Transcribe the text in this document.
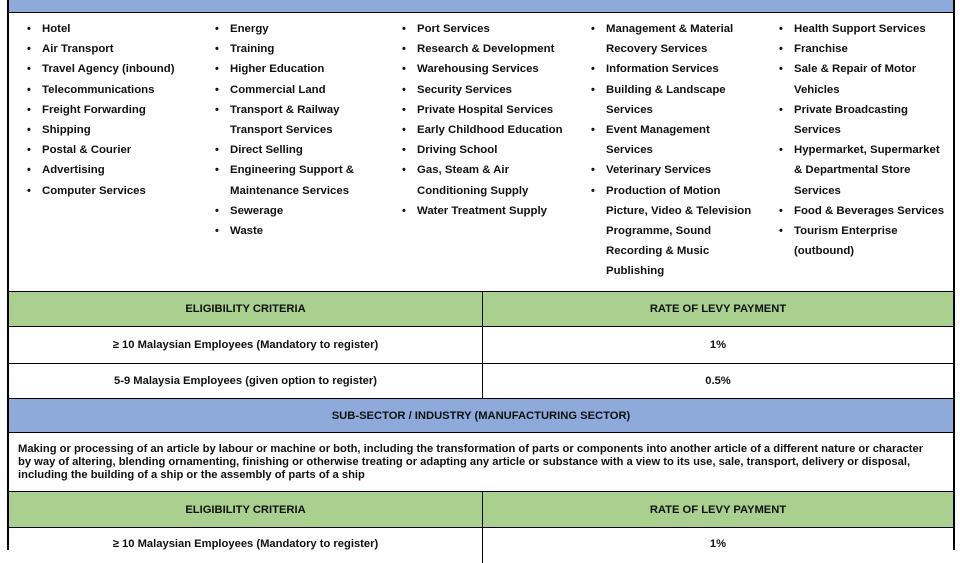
• Hotel
• Air Transport
• Travel Agency (inbound)
• Telecommunications
• Freight Forwarding
• Shipping
• Postal & Courier
• Advertising
• Computer Services
• Energy
• Training
• Higher Education
• Commercial Land
• Transport & Railway
Transport Services
• Direct Selling
• Engineering Support &
Maintenance Services
• Sewerage
• Waste
• Port Services
• Research & Development
• Warehousing Services
• Security Services
• Private Hospital Services
• Early Childhood Education
• Driving School
• Gas, Steam & Air
Conditioning Supply
• Water Treatment Supply
• Management & Material
Recovery Services
• Information Services
• Building & Landscape
Services
• Event Management
Services
• Veterinary Services
• Production of Motion
Picture, Video & Television
Programme, Sound
Recording & Music
Publishing
• Health Support Services
• Franchise
• Sale & Repair of Motor
Vehicles
• Private Broadcasting
Services
• Hypermarket, Supermarket
& Departmental Store
Services
• Food & Beverages Services
• Tourism Enterprise
(outbound)
ELIGIBILITY CRITERIA	RATE OF LEVY PAYMENT
≥ 10 Malaysian Employees (Mandatory to register)	1%
5-9 Malaysia Employees (given option to register)	0.5%
SUB-SECTOR / INDUSTRY (MANUFACTURING SECTOR)
Making or processing of an article by labour or machine or both, including the transformation of parts or components into another article of a different nature or character
by way of altering, blending ornamenting, finishing or otherwise treating or adapting any article or substance with a view to its use, sale, transport, delivery or disposal,
including the building of a ship or the assembly of parts of a ship
ELIGIBILITY CRITERIA	RATE OF LEVY PAYMENT
≥ 10 Malaysian Employees (Mandatory to register)	1%
